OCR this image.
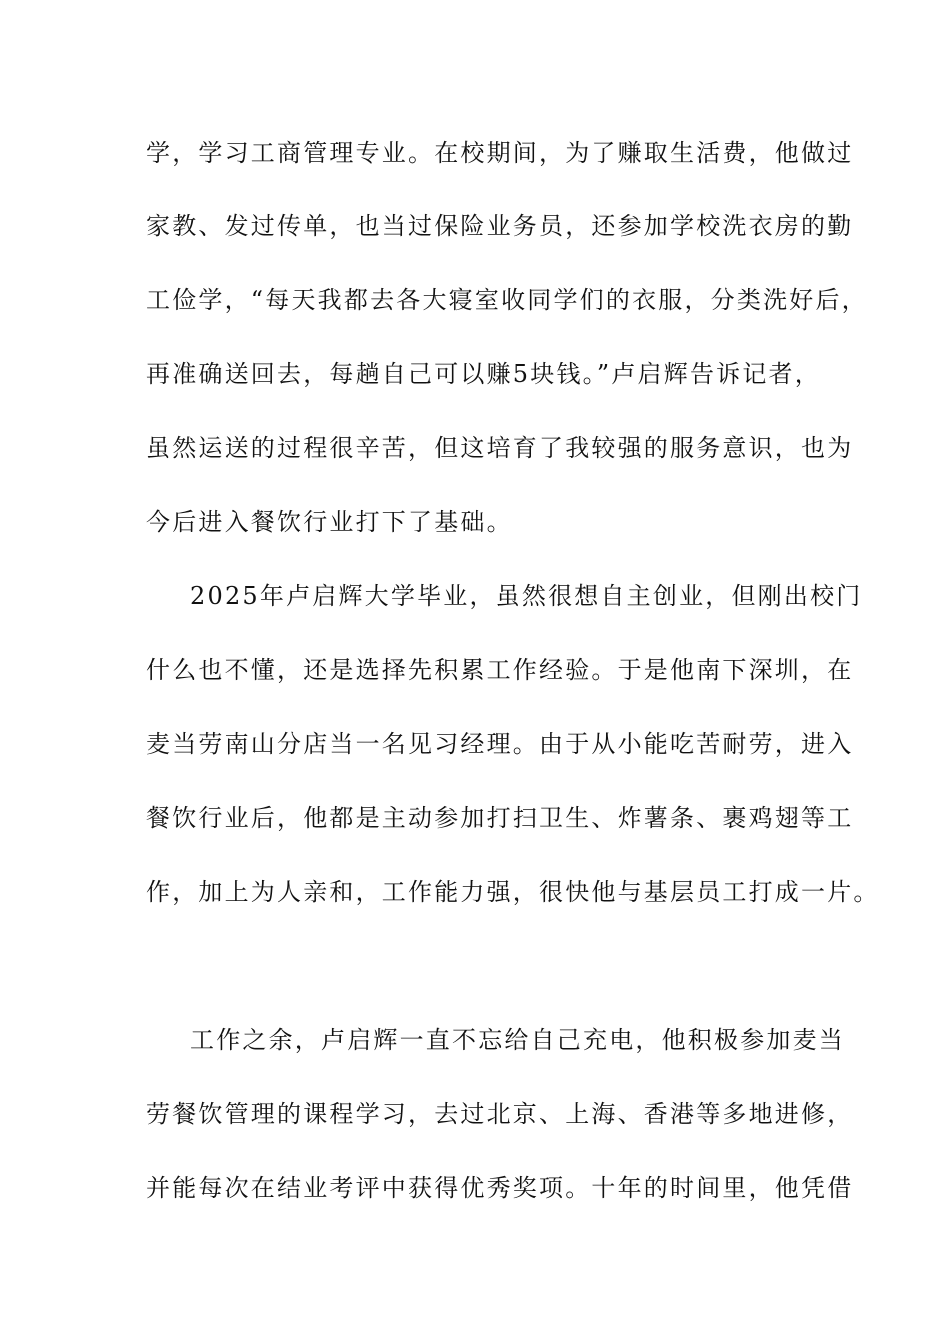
学，学习工商管理专业。在校期间，为了赚取生活费，他做过
家教、发过传单，也当过保险业务员，还参加学校洗衣房的勤
工俭学，“每天我都去各大寝室收同学们的衣服，分类洗好后，
再准确送回去，每趟自己可以赚5块钱。”卢启辉告诉记者，
虽然运送的过程很辛苦，但这培育了我较强的服务意识，也为
今后进入餐饮行业打下了基础。
2025年卢启辉大学毕业，虽然很想自主创业，但刚出校门
什么也不懂，还是选择先积累工作经验。于是他南下深圳，在
麦当劳南山分店当一名见习经理。由于从小能吃苦耐劳，进入
餐饮行业后，他都是主动参加打扫卫生、炸薯条、裹鸡翅等工
作，加上为人亲和，工作能力强，很快他与基层员工打成一片。
工作之余，卢启辉一直不忘给自己充电，他积极参加麦当
劳餐饮管理的课程学习，去过北京、上海、香港等多地进修，
并能每次在结业考评中获得优秀奖项。十年的时间里，他凭借
